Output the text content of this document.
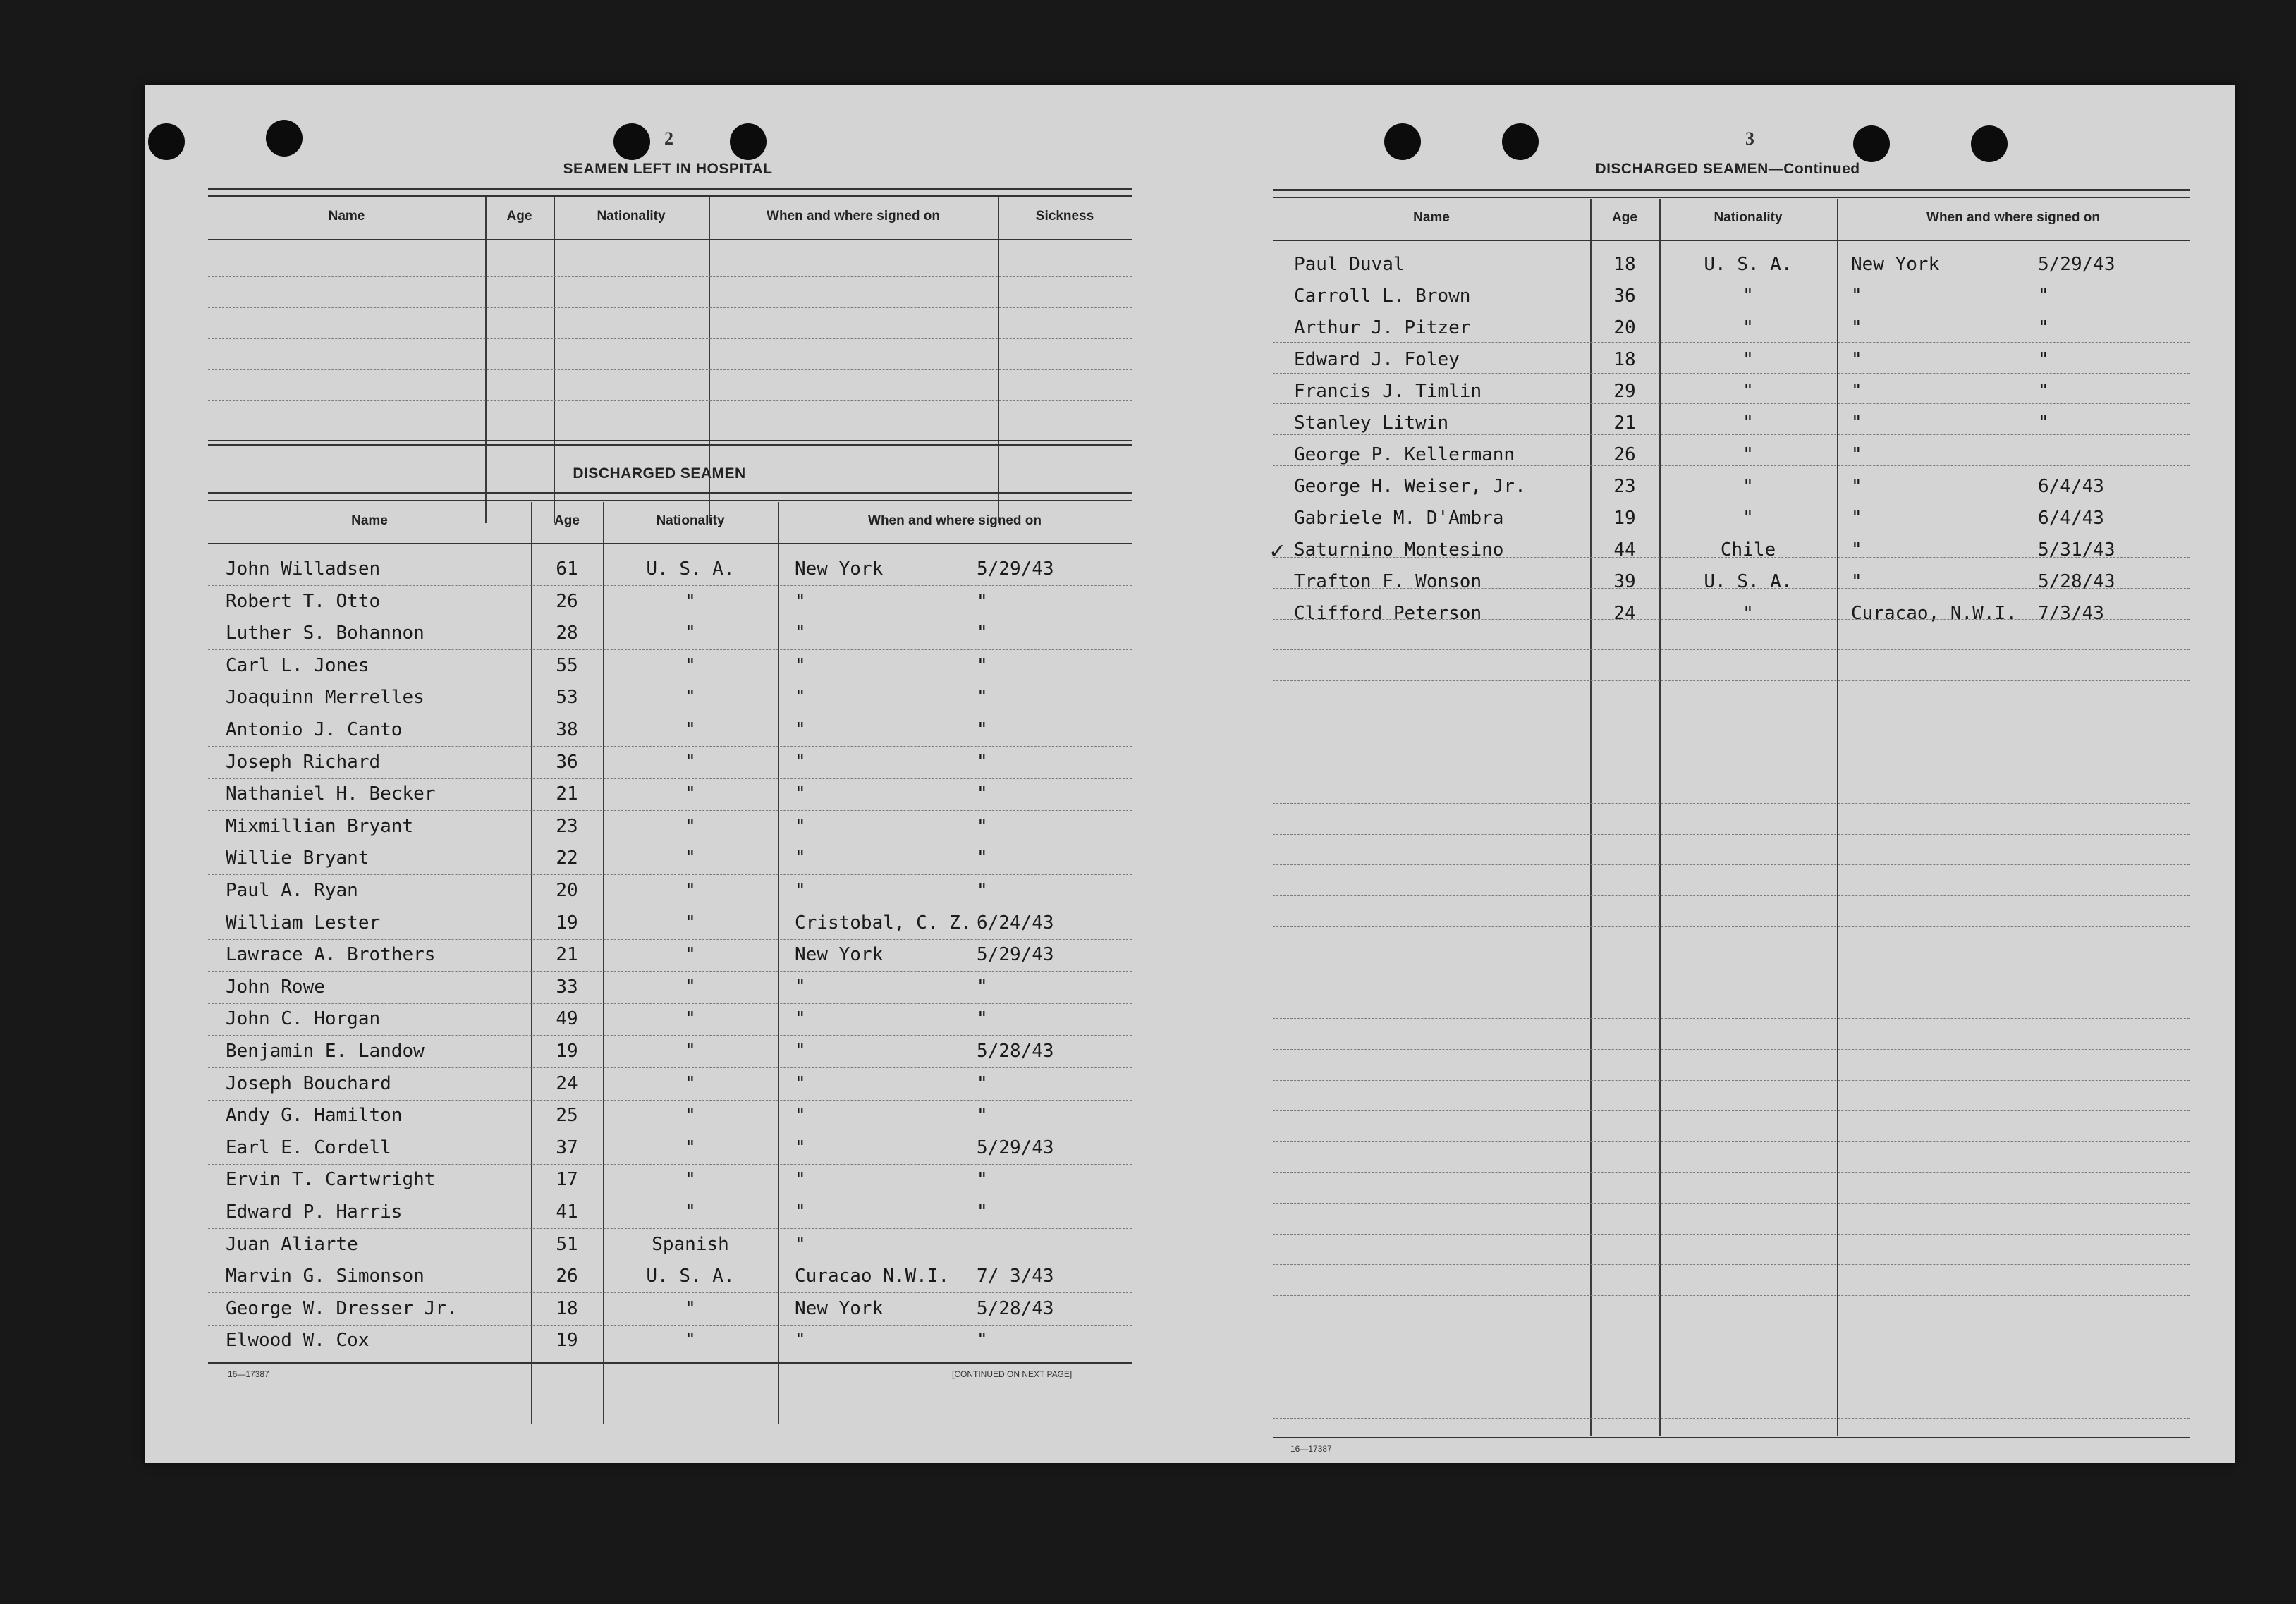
2
SEAMEN LEFT IN HOSPITAL
Name	Age	Nationality	When and where signed on	Sickness
DISCHARGED SEAMEN
Name	Age	Nationality	When and where signed on
John Willadsen	61	U. S. A.	New York	5/29/43
Robert T. Otto	26	"	"	"
Luther S. Bohannon	28	"	"	"
Carl L. Jones	55	"	"	"
Joaquinn Merrelles	53	"	"	"
Antonio J. Canto	38	"	"	"
Joseph Richard	36	"	"	"
Nathaniel H. Becker	21	"	"	"
Mixmillian Bryant	23	"	"	"
Willie Bryant	22	"	"	"
Paul A. Ryan	20	"	"	"
William Lester	19	"	Cristobal, C. Z. 6/24/43
Lawrace A. Brothers	21	"	New York	5/29/43
John Rowe	33	"	"	"
John C. Horgan	49	"	"	"
Benjamin E. Landow	19	"	"	5/28/43
Joseph Bouchard	24	"	"	"
Andy G. Hamilton	25	"	"	"
Earl E. Cordell	37	"	"	5/29/43
Ervin T. Cartwright	17	"	"	"
Edward P. Harris	41	"	"	"
Juan Aliarte	51	Spanish	"
Marvin G. Simonson	26	U. S. A.	Curacao N.W.I. 7/ 3/43
George W. Dresser Jr.	18	"	New York	5/28/43
Elwood W. Cox	19	"	"	"
16—17387	[CONTINUED ON NEXT PAGE]
3
DISCHARGED SEAMEN—Continued
Name	Age	Nationality	When and where signed on
Paul Duval	18	U. S. A.	New York	5/29/43
Carroll L. Brown	36	"	"	"
Arthur J. Pitzer	20	"	"	"
Edward J. Foley	18	"	"	"
Francis J. Timlin	29	"	"	"
Stanley Litwin	21	"	"	"
George P. Kellermann	26	"	"
George H. Weiser, Jr.	23	"	"	6/4/43
Gabriele M. D'Ambra	19	"	"	6/4/43
Saturnino Montesino	44	Chile	"	5/31/43
Trafton F. Wonson	39	U. S. A.	"	5/28/43
Clifford Peterson	24	"	Curacao, N.W.I. 7/3/43
✓
16—17387
